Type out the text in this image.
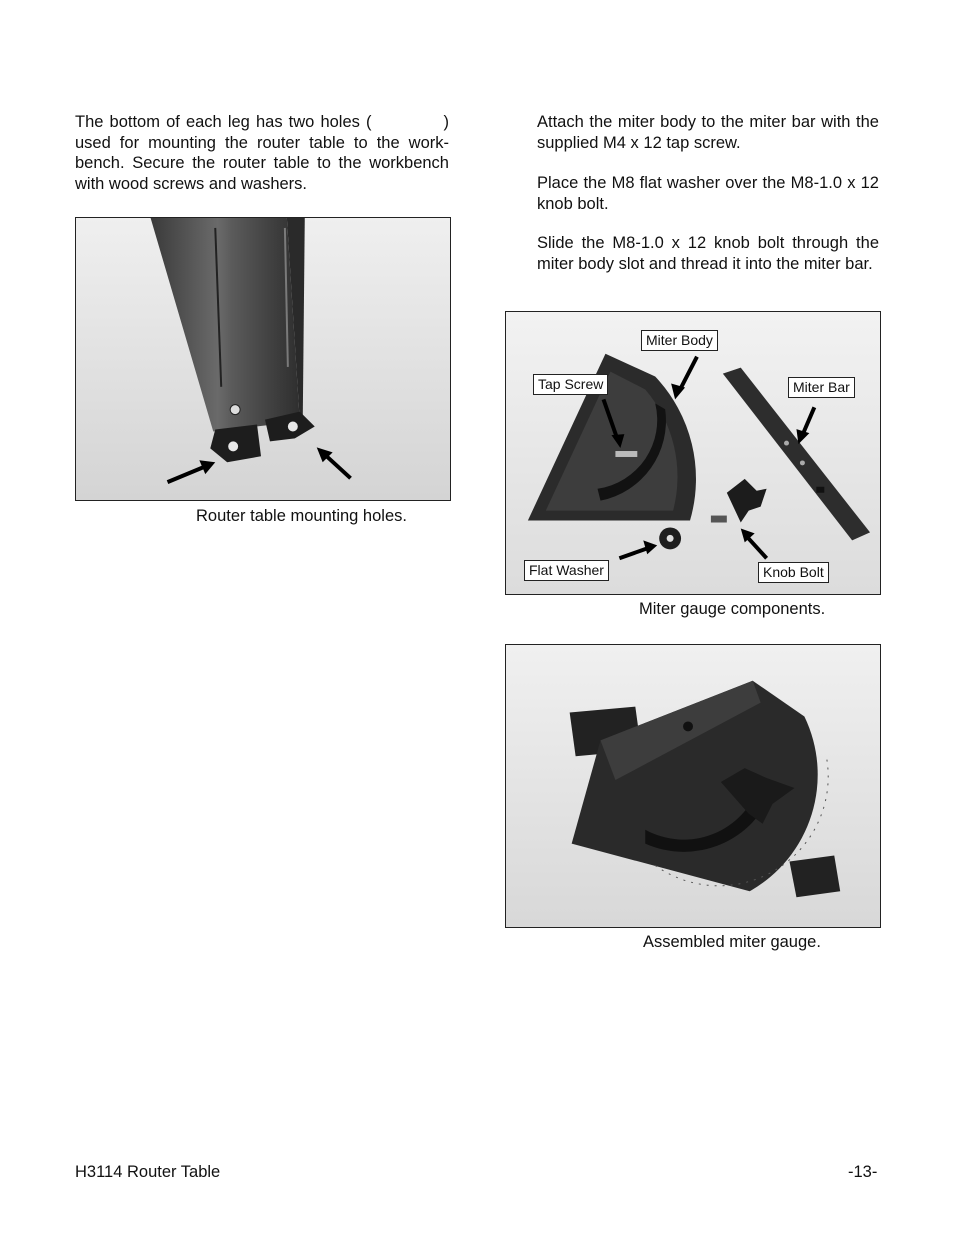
The bottom of each leg has two holes (	) used for mounting the router table to the work-bench. Secure the router table to the workbench with wood screws and washers.

Router table mounting holes.

Attach the miter body to the miter bar with the supplied M4 x 12 tap screw.

Place the M8 flat washer over the M8-1.0 x 12 knob bolt.

Slide the M8-1.0 x 12 knob bolt through the miter body slot and thread it into the miter bar.

Miter Body
Tap Screw	Miter Bar
Flat Washer	Knob Bolt

Miter gauge components.

Assembled miter gauge.

H3114 Router Table	-13-
